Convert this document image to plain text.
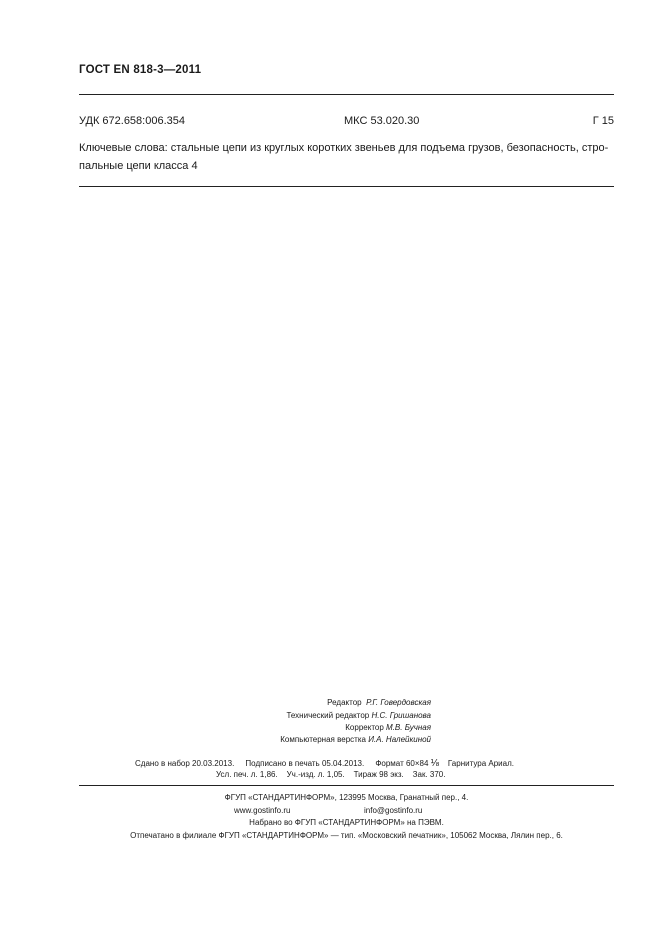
ГОСТ EN 818-3—2011
УДК 672.658:006.354	МКС 53.020.30	Г 15
Ключевые слова: стальные цепи из круглых коротких звеньев для подъема грузов, безопасность, стро-
пальные цепи класса 4
Редактор Р.Г. Говердовская
Технический редактор Н.С. Гришанова
Корректор М.В. Бучная
Компьютерная верстка И.А. Налейкиной
Сдано в набор 20.03.2013. Подписано в печать 05.04.2013. Формат 60×84 ⅛ Гарнитура Ариал.
Усл. печ. л. 1,86. Уч.-изд. л. 1,05. Тираж 98 экз. Зак. 370.
ФГУП «СТАНДАРТИНФОРМ», 123995 Москва, Гранатный пер., 4.
www.gostinfo.ru	info@gostinfo.ru
Набрано во ФГУП «СТАНДАРТИНФОРМ» на ПЭВМ.
Отпечатано в филиале ФГУП «СТАНДАРТИНФОРМ» — тип. «Московский печатник», 105062 Москва, Лялин пер., 6.
